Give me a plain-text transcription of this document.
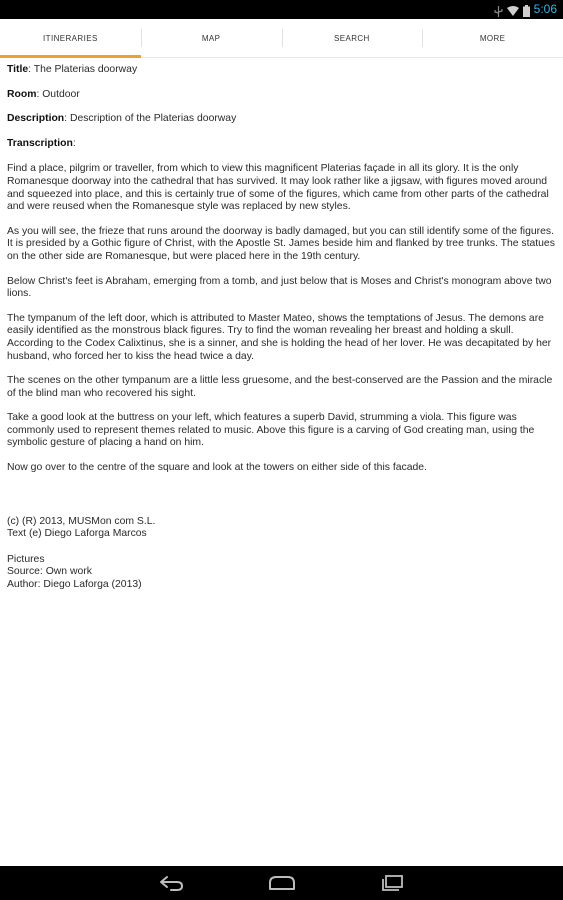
5:06
ITINERARIES	MAP	SEARCH	MORE
Title: The Platerias doorway
Room: Outdoor
Description: Description of the Platerias doorway
Transcription:

Find a place, pilgrim or traveller, from which to view this magnificent Platerias façade in all its glory. It is the only Romanesque doorway into the cathedral that has survived. It may look rather like a jigsaw, with figures moved around and squeezed into place, and this is certainly true of some of the figures, which came from other parts of the cathedral and were reused when the Romanesque style was replaced by new styles.

As you will see, the frieze that runs around the doorway is badly damaged, but you can still identify some of the figures. It is presided by a Gothic figure of Christ, with the Apostle St. James beside him and flanked by tree trunks. The statues on the other side are Romanesque, but were placed here in the 19th century.

Below Christ's feet is Abraham, emerging from a tomb, and just below that is Moses and Christ's monogram above two lions.

The tympanum of the left door, which is attributed to Master Mateo, shows the temptations of Jesus. The demons are easily identified as the monstrous black figures. Try to find the woman revealing her breast and holding a skull. According to the Codex Calixtinus, she is a sinner, and she is holding the head of her lover. He was decapitated by her husband, who forced her to kiss the head twice a day.

The scenes on the other tympanum are a little less gruesome, and the best-conserved are the Passion and the miracle of the blind man who recovered his sight.

Take a good look at the buttress on your left, which features a superb David, strumming a viola. This figure was commonly used to represent themes related to music. Above this figure is a carving of God creating man, using the symbolic gesture of placing a hand on him.

Now go over to the centre of the square and look at the towers on either side of this facade.

(c) (R) 2013, MUSMon com S.L.
Text (e) Diego Laforga Marcos
Pictures
Source: Own work
Author: Diego Laforga (2013)
